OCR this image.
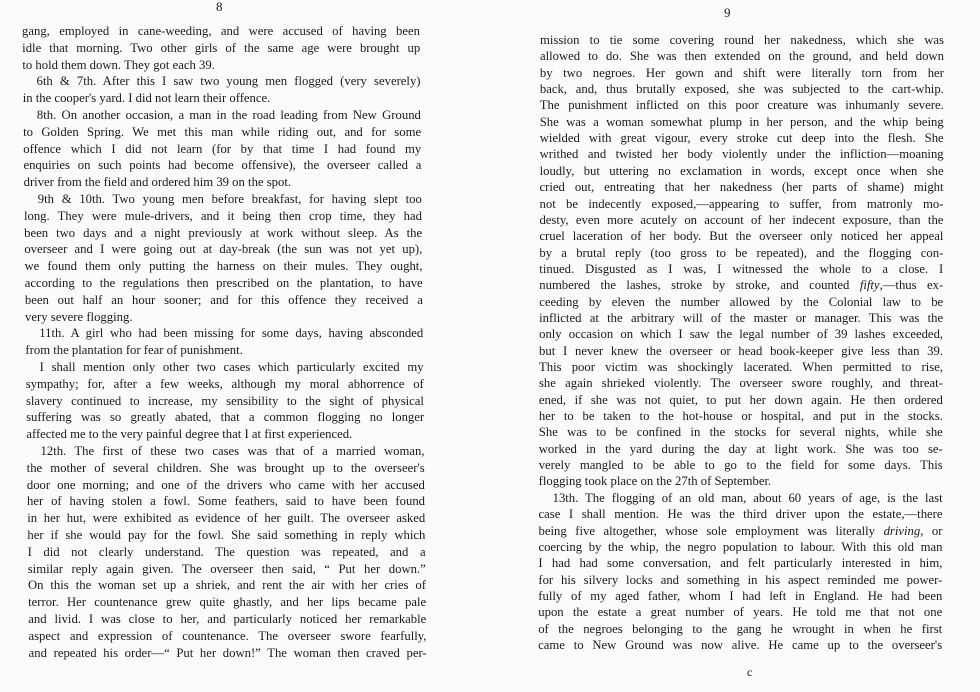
8
gang, employed in cane-weeding, and were accused of having been
idle that morning. Two other girls of the same age were brought up
to hold them down. They got each 39.
6th & 7th. After this I saw two young men flogged (very severely)
in the cooper's yard. I did not learn their offence.
8th. On another occasion, a man in the road leading from New Ground
to Golden Spring. We met this man while riding out, and for some
offence which I did not learn (for by that time I had found my
enquiries on such points had become offensive), the overseer called a
driver from the field and ordered him 39 on the spot.
9th & 10th. Two young men before breakfast, for having slept too
long. They were mule-drivers, and it being then crop time, they had
been two days and a night previously at work without sleep. As the
overseer and I were going out at day-break (the sun was not yet up),
we found them only putting the harness on their mules. They ought,
according to the regulations then prescribed on the plantation, to have
been out half an hour sooner; and for this offence they received a
very severe flogging.
11th. A girl who had been missing for some days, having absconded
from the plantation for fear of punishment.
I shall mention only other two cases which particularly excited my
sympathy; for, after a few weeks, although my moral abhorrence of
slavery continued to increase, my sensibility to the sight of physical
suffering was so greatly abated, that a common flogging no longer
affected me to the very painful degree that I at first experienced.
12th. The first of these two cases was that of a married woman,
the mother of several children. She was brought up to the overseer's
door one morning; and one of the drivers who came with her accused
her of having stolen a fowl. Some feathers, said to have been found
in her hut, were exhibited as evidence of her guilt. The overseer asked
her if she would pay for the fowl. She said something in reply which
I did not clearly understand. The question was repeated, and a
similar reply again given. The overseer then said, “ Put her down.”
On this the woman set up a shriek, and rent the air with her cries of
terror. Her countenance grew quite ghastly, and her lips became pale
and livid. I was close to her, and particularly noticed her remarkable
aspect and expression of countenance. The overseer swore fearfully,
and repeated his order—“ Put her down!” The woman then craved per-
9
c
mission to tie some covering round her nakedness, which she was
allowed to do. She was then extended on the ground, and held down
by two negroes. Her gown and shift were literally torn from her
back, and, thus brutally exposed, she was subjected to the cart-whip.
The punishment inflicted on this poor creature was inhumanly severe.
She was a woman somewhat plump in her person, and the whip being
wielded with great vigour, every stroke cut deep into the flesh. She
writhed and twisted her body violently under the infliction—moaning
loudly, but uttering no exclamation in words, except once when she
cried out, entreating that her nakedness (her parts of shame) might
not be indecently exposed,—appearing to suffer, from matronly mo-
desty, even more acutely on account of her indecent exposure, than the
cruel laceration of her body. But the overseer only noticed her appeal
by a brutal reply (too gross to be repeated), and the flogging con-
tinued. Disgusted as I was, I witnessed the whole to a close. I
numbered the lashes, stroke by stroke, and counted fifty,—thus ex-
ceeding by eleven the number allowed by the Colonial law to be
inflicted at the arbitrary will of the master or manager. This was the
only occasion on which I saw the legal number of 39 lashes exceeded,
but I never knew the overseer or head book-keeper give less than 39.
This poor victim was shockingly lacerated. When permitted to rise,
she again shrieked violently. The overseer swore roughly, and threat-
ened, if she was not quiet, to put her down again. He then ordered
her to be taken to the hot-house or hospital, and put in the stocks.
She was to be confined in the stocks for several nights, while she
worked in the yard during the day at light work. She was too se-
verely mangled to be able to go to the field for some days. This
flogging took place on the 27th of September.
13th. The flogging of an old man, about 60 years of age, is the last
case I shall mention. He was the third driver upon the estate,—there
being five altogether, whose sole employment was literally driving, or
coercing by the whip, the negro population to labour. With this old man
I had had some conversation, and felt particularly interested in him,
for his silvery locks and something in his aspect reminded me power-
fully of my aged father, whom I had left in England. He had been
upon the estate a great number of years. He told me that not one
of the negroes belonging to the gang he wrought in when he first
came to New Ground was now alive. He came up to the overseer's
